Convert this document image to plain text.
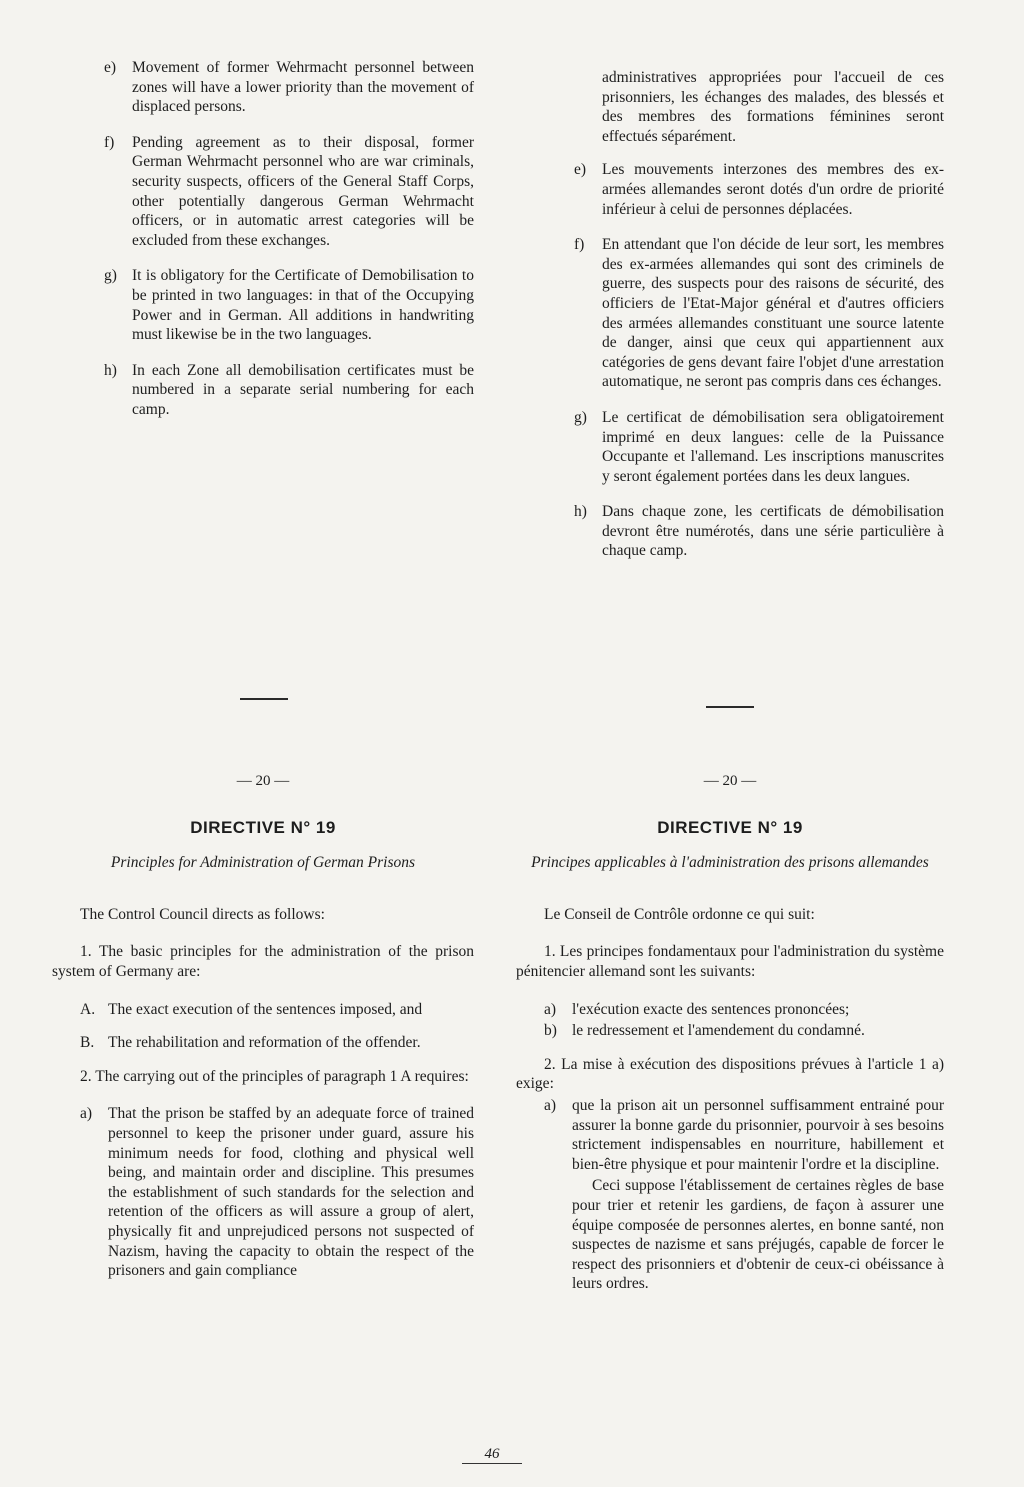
e)	Movement of former Wehrmacht personnel between zones will have a lower priority than the movement of displaced persons.
f)	Pending agreement as to their disposal, former German Wehrmacht personnel who are war criminals, security suspects, officers of the General Staff Corps, other potentially dangerous German Wehrmacht officers, or in automatic arrest categories will be excluded from these exchanges.
g) It is obligatory for the Certificate of Demobilisation to be printed in two languages: in that of the Occupying Power and in German. All additions in handwriting must likewise be in the two languages.
h) In each Zone all demobilisation certificates must be numbered in a separate serial numbering for each camp.
administratives appropriées pour l'accueil de ces prisonniers, les échanges des malades, des blessés et des membres des formations féminines seront effectués séparément.
e)	Les mouvements interzones des membres des ex-armées allemandes seront dotés d'un ordre de priorité inférieur à celui de personnes déplacées.
f)	En attendant que l'on décide de leur sort, les membres des ex-armées allemandes qui sont des criminels de guerre, des suspects pour des raisons de sécurité, des officiers de l'Etat-Major général et d'autres officiers des armées allemandes constituant une source latente de danger, ainsi que ceux qui appartiennent aux catégories de gens devant faire l'objet d'une arrestation automatique, ne seront pas compris dans ces échanges.
g) Le certificat de démobilisation sera obligatoirement imprimé en deux langues: celle de la Puissance Occupante et l'allemand. Les inscriptions manuscrites y seront également portées dans les deux langues.
h) Dans chaque zone, les certificats de démobilisation devront être numérotés, dans une série particulière à chaque camp.
— 20 —
DIRECTIVE N° 19
Principles for Administration of German Prisons
The Control Council directs as follows:
1. The basic principles for the administration of the prison system of Germany are:
A. The exact execution of the sentences imposed, and
B. The rehabilitation and reformation of the offender.
2. The carrying out of the principles of paragraph 1 A requires:
a)	That the prison be staffed by an adequate force of trained personnel to keep the prisoner under guard, assure his minimum needs for food, clothing and physical well being, and maintain order and discipline. This presumes the establishment of such standards for the selection and retention of the officers as will assure a group of alert, physically fit and unprejudiced persons not suspected of Nazism, having the capacity to obtain the respect of the prisoners and gain compliance
— 20 —
DIRECTIVE N° 19
Principes applicables à l'administration des prisons allemandes
Le Conseil de Contrôle ordonne ce qui suit:
1. Les principes fondamentaux pour l'administration du système pénitencier allemand sont les suivants:
a)	l'exécution exacte des sentences prononcées;
b) le redressement et l'amendement du condamné.
2. La mise à exécution des dispositions prévues à l'article 1 a) exige:
a)	que la prison ait un personnel suffisamment entrainé pour assurer la bonne garde du prisonnier, pourvoir à ses besoins strictement indispensables en nourriture, habillement et bien-être physique et pour maintenir l'ordre et la discipline.
Ceci suppose l'établissement de certaines règles de base pour trier et retenir les gardiens, de façon à assurer une équipe composée de personnes alertes, en bonne santé, non suspectes de nazisme et sans préjugés, capable de forcer le respect des prisonniers et d'obtenir de ceux-ci obéissance à leurs ordres.
46
